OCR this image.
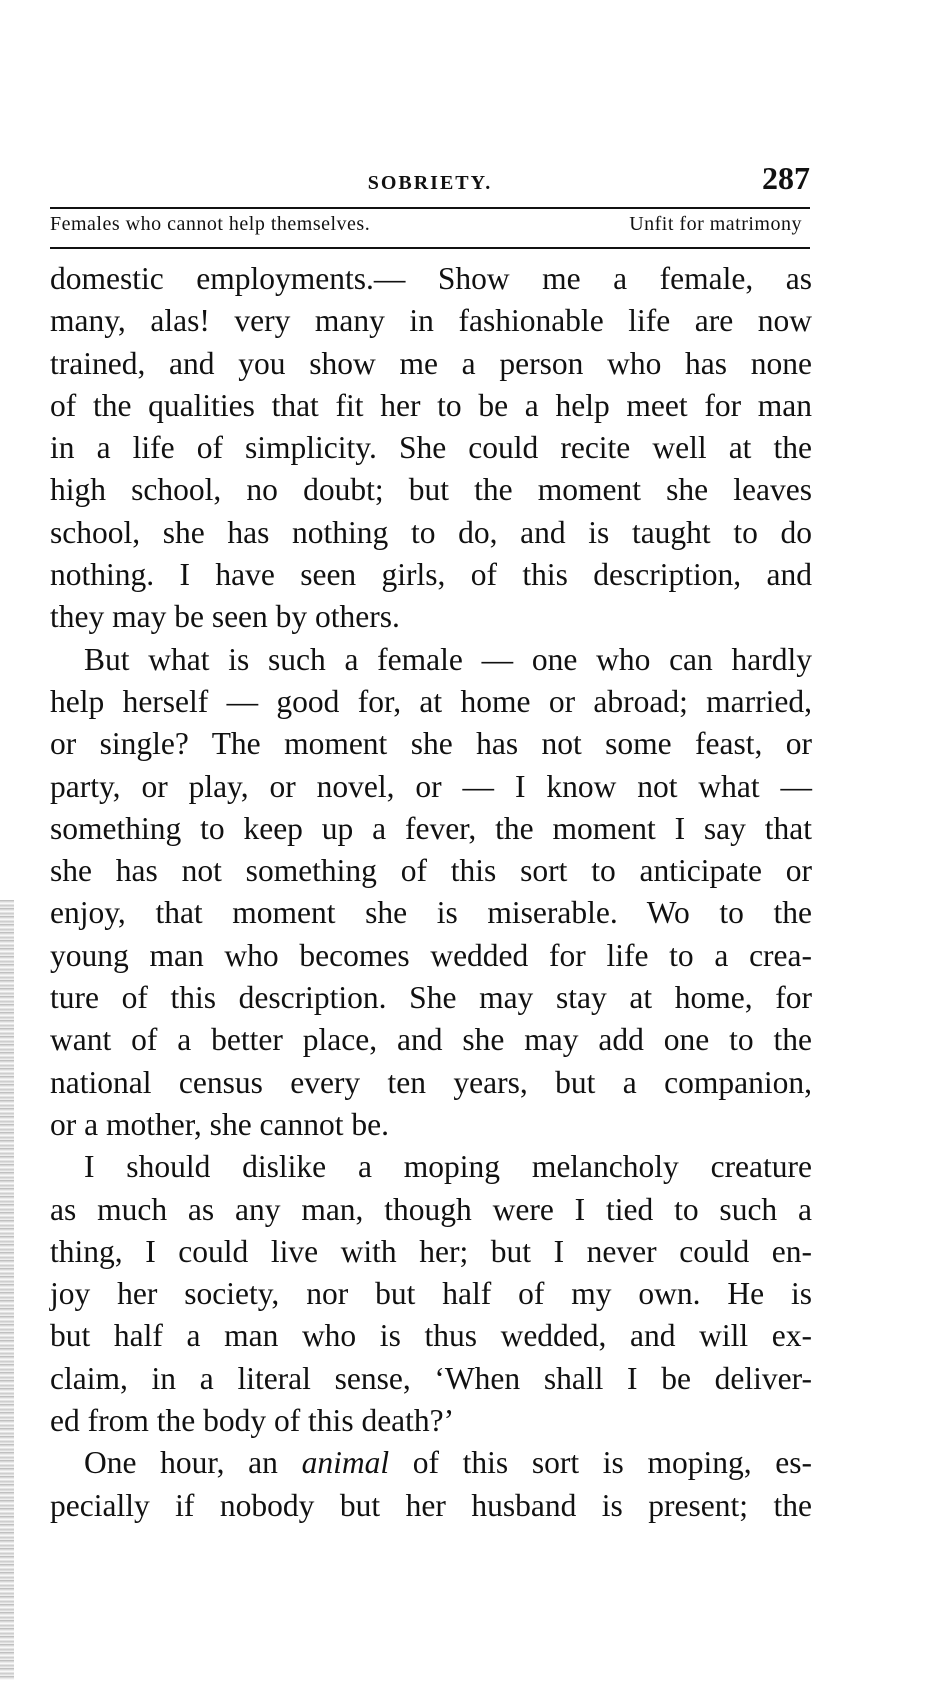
SOBRIETY.	287
Females who cannot help themselves.	Unfit for matrimony
domestic employments.— Show me a female, as
many, alas! very many in fashionable life are now
trained, and you show me a person who has none
of the qualities that fit her to be a help meet for man
in a life of simplicity. She could recite well at the
high school, no doubt; but the moment she leaves
school, she has nothing to do, and is taught to do
nothing. I have seen girls, of this description, and
they may be seen by others.
But what is such a female — one who can hardly
help herself — good for, at home or abroad; married,
or single? The moment she has not some feast, or
party, or play, or novel, or — I know not what —
something to keep up a fever, the moment I say that
she has not something of this sort to anticipate or
enjoy, that moment she is miserable. Wo to the
young man who becomes wedded for life to a crea-
ture of this description. She may stay at home, for
want of a better place, and she may add one to the
national census every ten years, but a companion,
or a mother, she cannot be.
I should dislike a moping melancholy creature
as much as any man, though were I tied to such a
thing, I could live with her; but I never could en-
joy her society, nor but half of my own. He is
but half a man who is thus wedded, and will ex-
claim, in a literal sense, ‘When shall I be deliver-
ed from the body of this death?’
One hour, an animal of this sort is moping, es-
pecially if nobody but her husband is present; the
